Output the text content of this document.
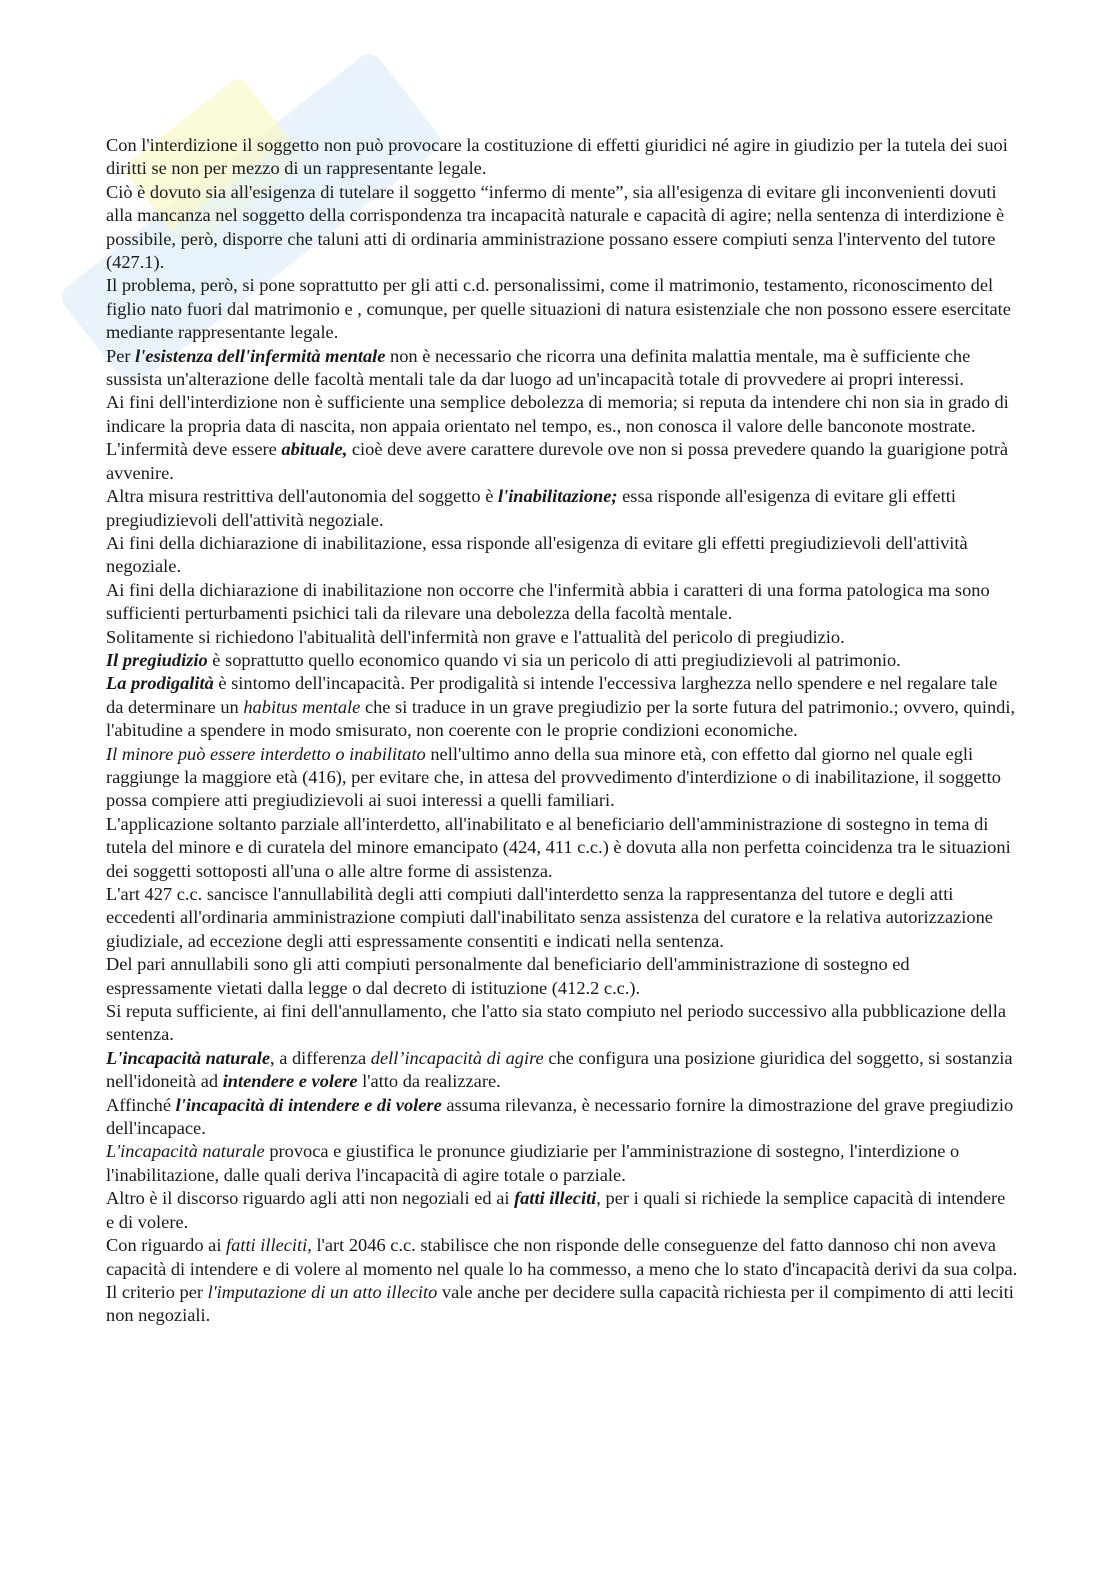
Con l'interdizione il soggetto non può provocare la costituzione di effetti giuridici né agire in giudizio per la tutela dei suoi diritti se non per mezzo di un rappresentante legale.

Ciò è dovuto sia all'esigenza di tutelare il soggetto “infermo di mente”, sia all'esigenza di evitare gli inconvenienti dovuti alla mancanza nel soggetto della corrispondenza tra incapacità naturale e capacità di agire; nella sentenza di interdizione è possibile, però, disporre che taluni atti di ordinaria amministrazione possano essere compiuti senza l'intervento del tutore (427.1).

Il problema, però, si pone soprattutto per gli atti c.d. personalissimi, come il matrimonio, testamento, riconoscimento del figlio nato fuori dal matrimonio e , comunque, per quelle situazioni di natura esistenziale che non possono essere esercitate mediante rappresentante legale.

Per l'esistenza dell'infermità mentale non è necessario che ricorra una definita malattia mentale, ma è sufficiente che sussista un'alterazione delle facoltà mentali tale da dar luogo ad un'incapacità totale di provvedere ai propri interessi.

Ai fini dell'interdizione non è sufficiente una semplice debolezza di memoria; si reputa da intendere chi non sia in grado di indicare la propria data di nascita, non appaia orientato nel tempo, es., non conosca il valore delle banconote mostrate.

L'infermità deve essere abituale, cioè deve avere carattere durevole ove non si possa prevedere quando la guarigione potrà avvenire.

Altra misura restrittiva dell'autonomia del soggetto è l'inabilitazione; essa risponde all'esigenza di evitare gli effetti pregiudizievoli dell'attività negoziale.

Ai fini della dichiarazione di inabilitazione, essa risponde all'esigenza di evitare gli effetti pregiudizievoli dell'attività negoziale.

Ai fini della dichiarazione di inabilitazione non occorre che l'infermità abbia i caratteri di una forma patologica ma sono sufficienti perturbamenti psichici tali da rilevare una debolezza della facoltà mentale.

Solitamente si richiedono l'abitualità dell'infermità non grave e l'attualità del pericolo di pregiudizio.

Il pregiudizio è soprattutto quello economico quando vi sia un pericolo di atti pregiudizievoli al patrimonio.

La prodigalità è sintomo dell'incapacità. Per prodigalità si intende l'eccessiva larghezza nello spendere e nel regalare tale da determinare un habitus mentale che si traduce in un grave pregiudizio per la sorte futura del patrimonio.; ovvero, quindi, l'abitudine a spendere in modo smisurato, non coerente con le proprie condizioni economiche.

Il minore può essere interdetto o inabilitato nell'ultimo anno della sua minore età, con effetto dal giorno nel quale egli raggiunge la maggiore età (416), per evitare che, in attesa del provvedimento d'interdizione o di inabilitazione, il soggetto possa compiere atti pregiudizievoli ai suoi interessi a quelli familiari.

L'applicazione soltanto parziale all'interdetto, all'inabilitato e al beneficiario dell'amministrazione di sostegno in tema di tutela del minore e di curatela del minore emancipato (424, 411 c.c.) è dovuta alla non perfetta coincidenza tra le situazioni dei soggetti sottoposti all'una o alle altre forme di assistenza.

L'art 427 c.c. sancisce l'annullabilità degli atti compiuti dall'interdetto senza la rappresentanza del tutore e degli atti eccedenti all'ordinaria amministrazione compiuti dall'inabilitato senza assistenza del curatore e la relativa autorizzazione giudiziale, ad eccezione degli atti espressamente consentiti e indicati nella sentenza.

Del pari annullabili sono gli atti compiuti personalmente dal beneficiario dell'amministrazione di sostegno ed espressamente vietati dalla legge o dal decreto di istituzione (412.2 c.c.).

Si reputa sufficiente, ai fini dell'annullamento, che l'atto sia stato compiuto nel periodo successivo alla pubblicazione della sentenza.

L'incapacità naturale, a differenza dell’incapacità di agire che configura una posizione giuridica del soggetto, si sostanzia nell'idoneità ad intendere e volere l'atto da realizzare.

Affinché l'incapacità di intendere e di volere assuma rilevanza, è necessario fornire la dimostrazione del grave pregiudizio dell'incapace.

L'incapacità naturale provoca e giustifica le pronunce giudiziarie per l'amministrazione di sostegno, l'interdizione o l'inabilitazione, dalle quali deriva l'incapacità di agire totale o parziale.

Altro è il discorso riguardo agli atti non negoziali ed ai fatti illeciti, per i quali si richiede la semplice capacità di intendere e di volere.

Con riguardo ai fatti illeciti, l'art 2046 c.c. stabilisce che non risponde delle conseguenze del fatto dannoso chi non aveva capacità di intendere e di volere al momento nel quale lo ha commesso, a meno che lo stato d'incapacità derivi da sua colpa.

Il criterio per l'imputazione di un atto illecito vale anche per decidere sulla capacità richiesta per il compimento di atti leciti non negoziali.
